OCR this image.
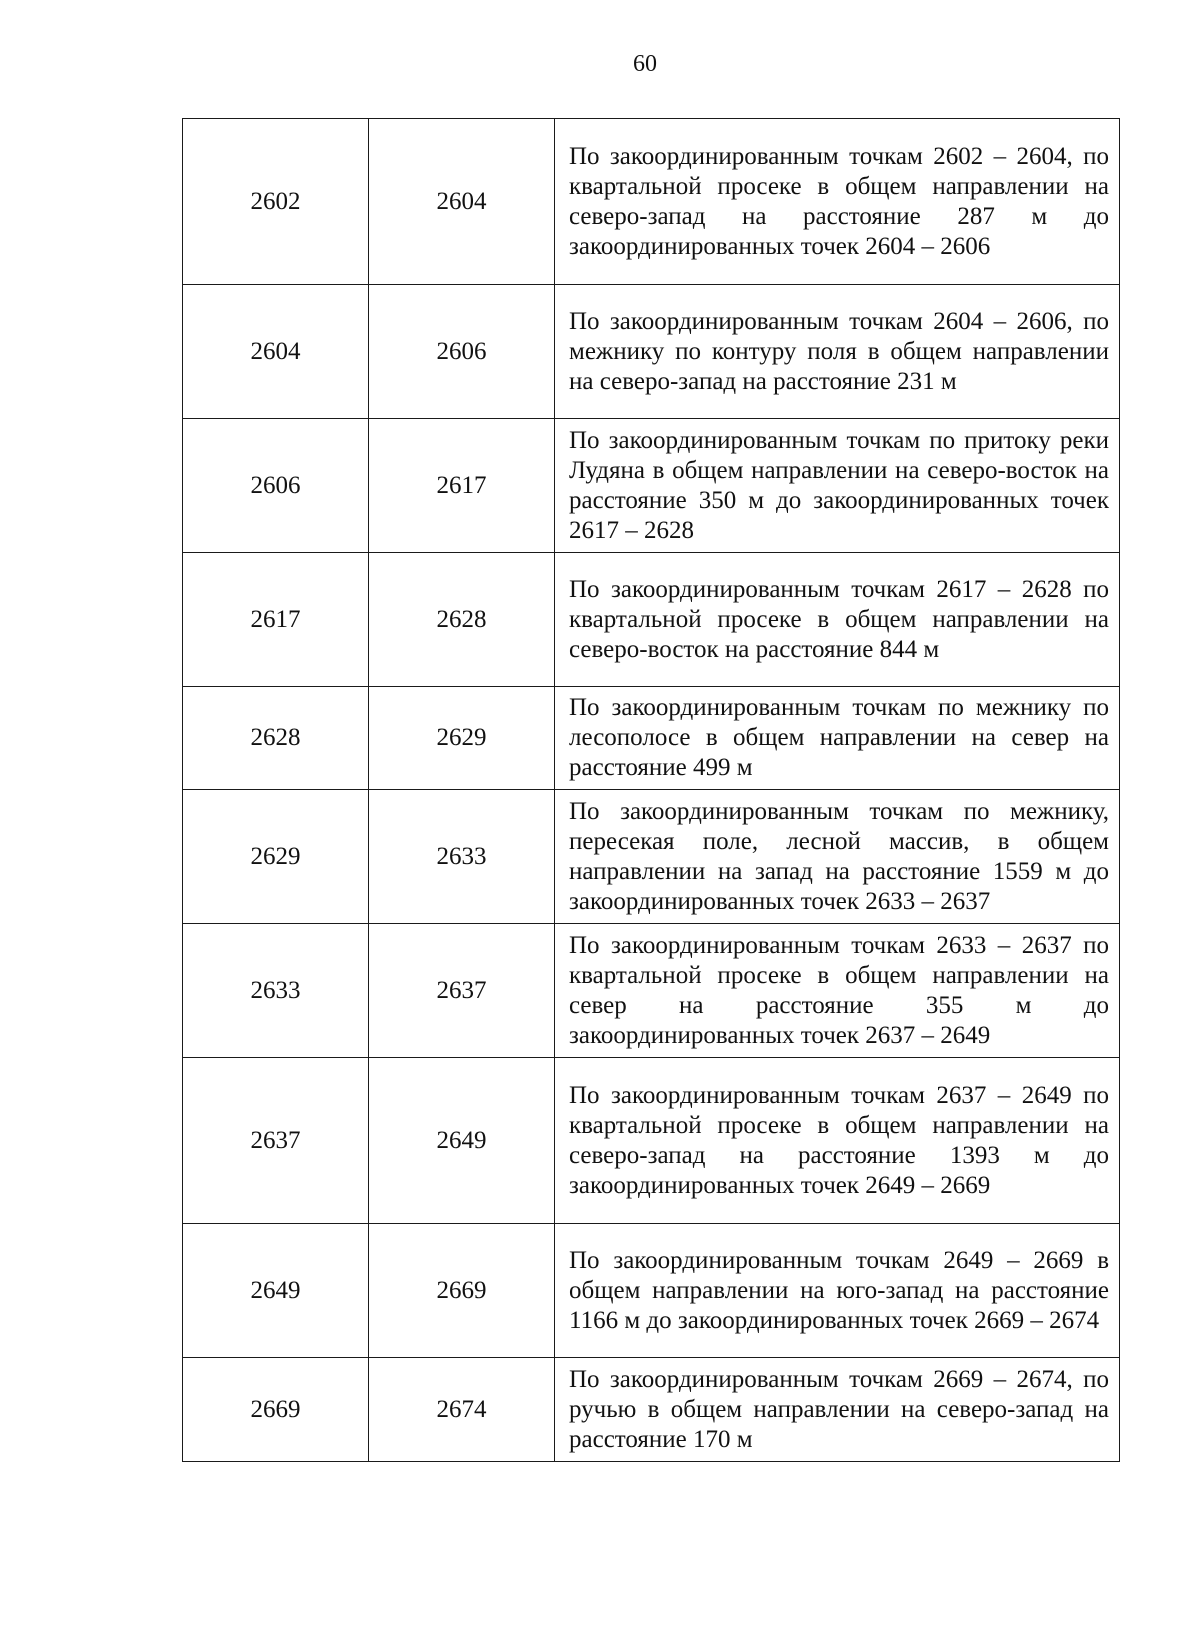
60
2602	2604	По закоординированным точкам 2602 – 2604, по квартальной просеке в общем направлении на северо-запад на расстояние 287 м до закоординированных точек 2604 – 2606
2604	2606	По закоординированным точкам 2604 – 2606, по межнику по контуру поля в общем направлении на северо-запад на расстояние 231 м
2606	2617	По закоординированным точкам по притоку реки Лудяна в общем направлении на северо-восток на расстояние 350 м до закоординированных точек 2617 – 2628
2617	2628	По закоординированным точкам 2617 – 2628 по квартальной просеке в общем направлении на северо-восток на расстояние 844 м
2628	2629	По закоординированным точкам по межнику по лесополосе в общем направлении на север на расстояние 499 м
2629	2633	По закоординированным точкам по межнику, пересекая поле, лесной массив, в общем направлении на запад на расстояние 1559 м до закоординированных точек 2633 – 2637
2633	2637	По закоординированным точкам 2633 – 2637 по квартальной просеке в общем направлении на север на расстояние 355 м до закоординированных точек 2637 – 2649
2637	2649	По закоординированным точкам 2637 – 2649 по квартальной просеке в общем направлении на северо-запад на расстояние 1393 м до закоординированных точек 2649 – 2669
2649	2669	По закоординированным точкам 2649 – 2669 в общем направлении на юго-запад на расстояние 1166 м до закоординированных точек 2669 – 2674
2669	2674	По закоординированным точкам 2669 – 2674, по ручью в общем направлении на северо-запад на расстояние 170 м
